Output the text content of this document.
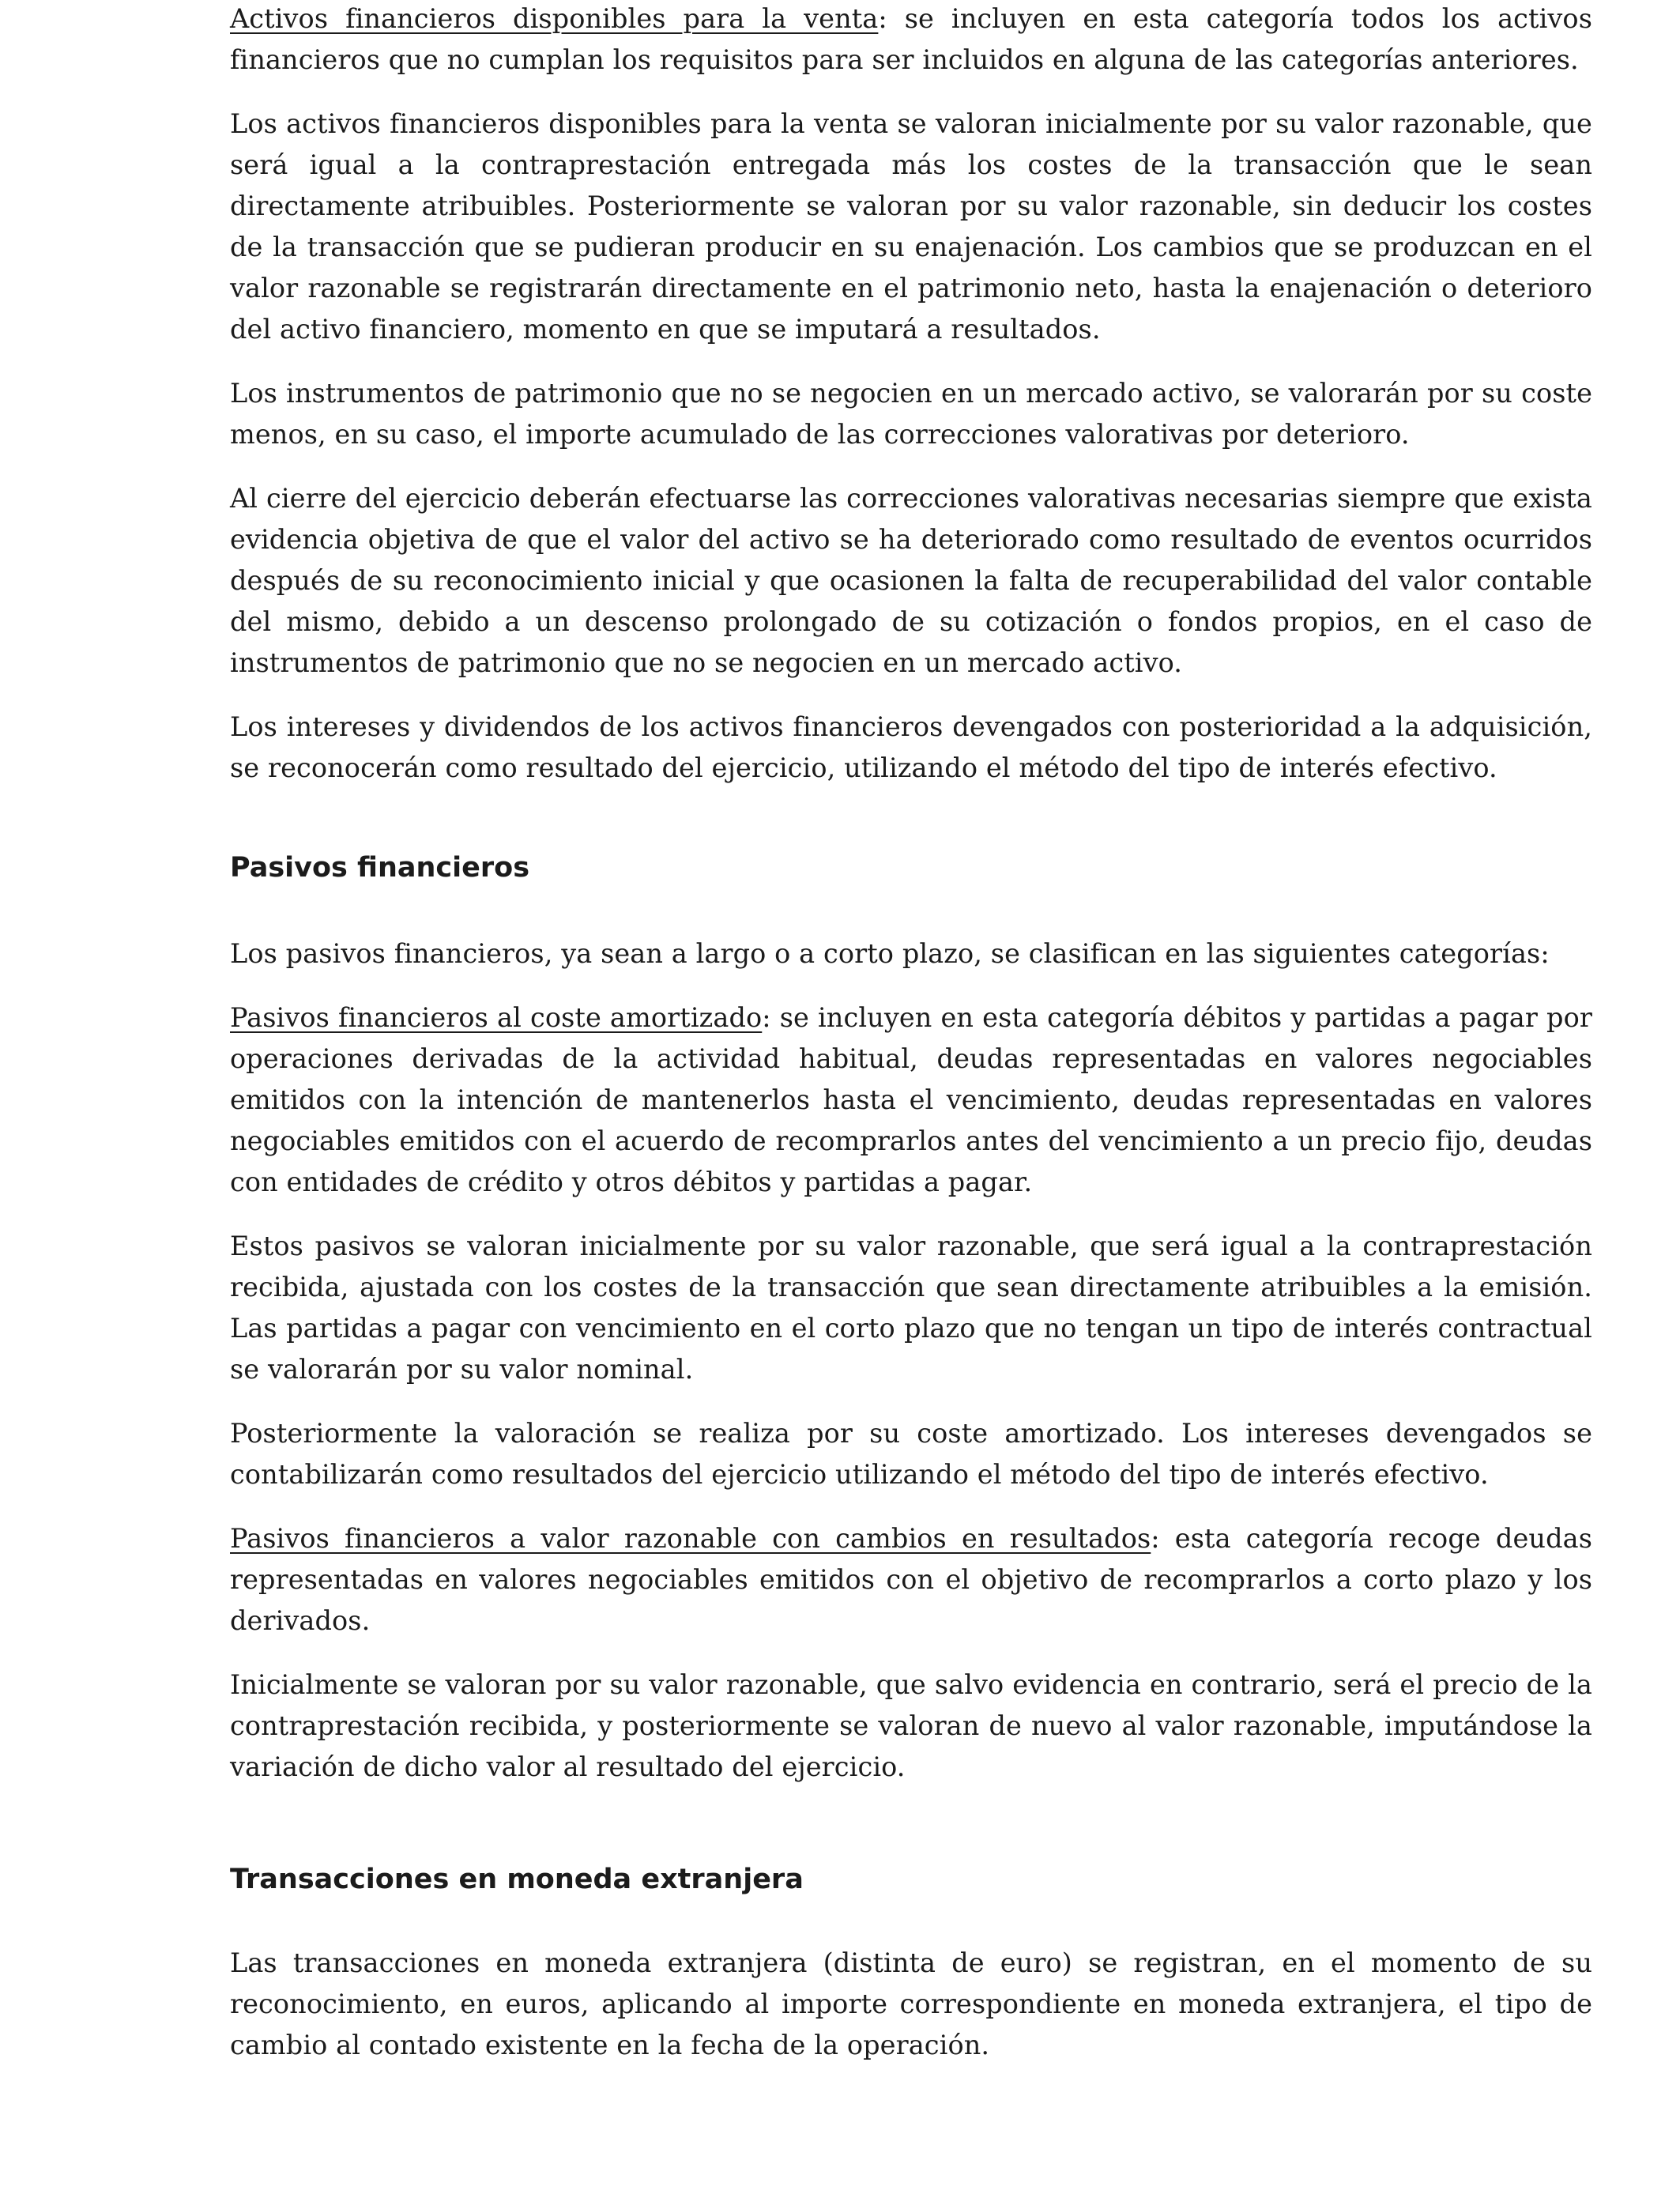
Activos financieros disponibles para la venta: se incluyen en esta categoría todos los activos financieros que no cumplan los requisitos para ser incluidos en alguna de las categorías anteriores.

Los activos financieros disponibles para la venta se valoran inicialmente por su valor razonable, que será igual a la contraprestación entregada más los costes de la transacción que le sean directamente atribuibles. Posteriormente se valoran por su valor razonable, sin deducir los costes de la transacción que se pudieran producir en su enajenación. Los cambios que se produzcan en el valor razonable se registrarán directamente en el patrimonio neto, hasta la enajenación o deterioro del activo financiero, momento en que se imputará a resultados.

Los instrumentos de patrimonio que no se negocien en un mercado activo, se valorarán por su coste menos, en su caso, el importe acumulado de las correcciones valorativas por deterioro.

Al cierre del ejercicio deberán efectuarse las correcciones valorativas necesarias siempre que exista evidencia objetiva de que el valor del activo se ha deteriorado como resultado de eventos ocurridos después de su reconocimiento inicial y que ocasionen la falta de recuperabilidad del valor contable del mismo, debido a un descenso prolongado de su cotización o fondos propios, en el caso de instrumentos de patrimonio que no se negocien en un mercado activo.

Los intereses y dividendos de los activos financieros devengados con posterioridad a la adquisición, se reconocerán como resultado del ejercicio, utilizando el método del tipo de interés efectivo.

Pasivos financieros

Los pasivos financieros, ya sean a largo o a corto plazo, se clasifican en las siguientes categorías:

Pasivos financieros al coste amortizado: se incluyen en esta categoría débitos y partidas a pagar por operaciones derivadas de la actividad habitual, deudas representadas en valores negociables emitidos con la intención de mantenerlos hasta el vencimiento, deudas representadas en valores negociables emitidos con el acuerdo de recomprarlos antes del vencimiento a un precio fijo, deudas con entidades de crédito y otros débitos y partidas a pagar.

Estos pasivos se valoran inicialmente por su valor razonable, que será igual a la contraprestación recibida, ajustada con los costes de la transacción que sean directamente atribuibles a la emisión. Las partidas a pagar con vencimiento en el corto plazo que no tengan un tipo de interés contractual se valorarán por su valor nominal.

Posteriormente la valoración se realiza por su coste amortizado. Los intereses devengados se contabilizarán como resultados del ejercicio utilizando el método del tipo de interés efectivo.

Pasivos financieros a valor razonable con cambios en resultados: esta categoría recoge deudas representadas en valores negociables emitidos con el objetivo de recomprarlos a corto plazo y los derivados.

Inicialmente se valoran por su valor razonable, que salvo evidencia en contrario, será el precio de la contraprestación recibida, y posteriormente se valoran de nuevo al valor razonable, imputándose la variación de dicho valor al resultado del ejercicio.

Transacciones en moneda extranjera

Las transacciones en moneda extranjera (distinta de euro) se registran, en el momento de su reconocimiento, en euros, aplicando al importe correspondiente en moneda extranjera, el tipo de cambio al contado existente en la fecha de la operación.
